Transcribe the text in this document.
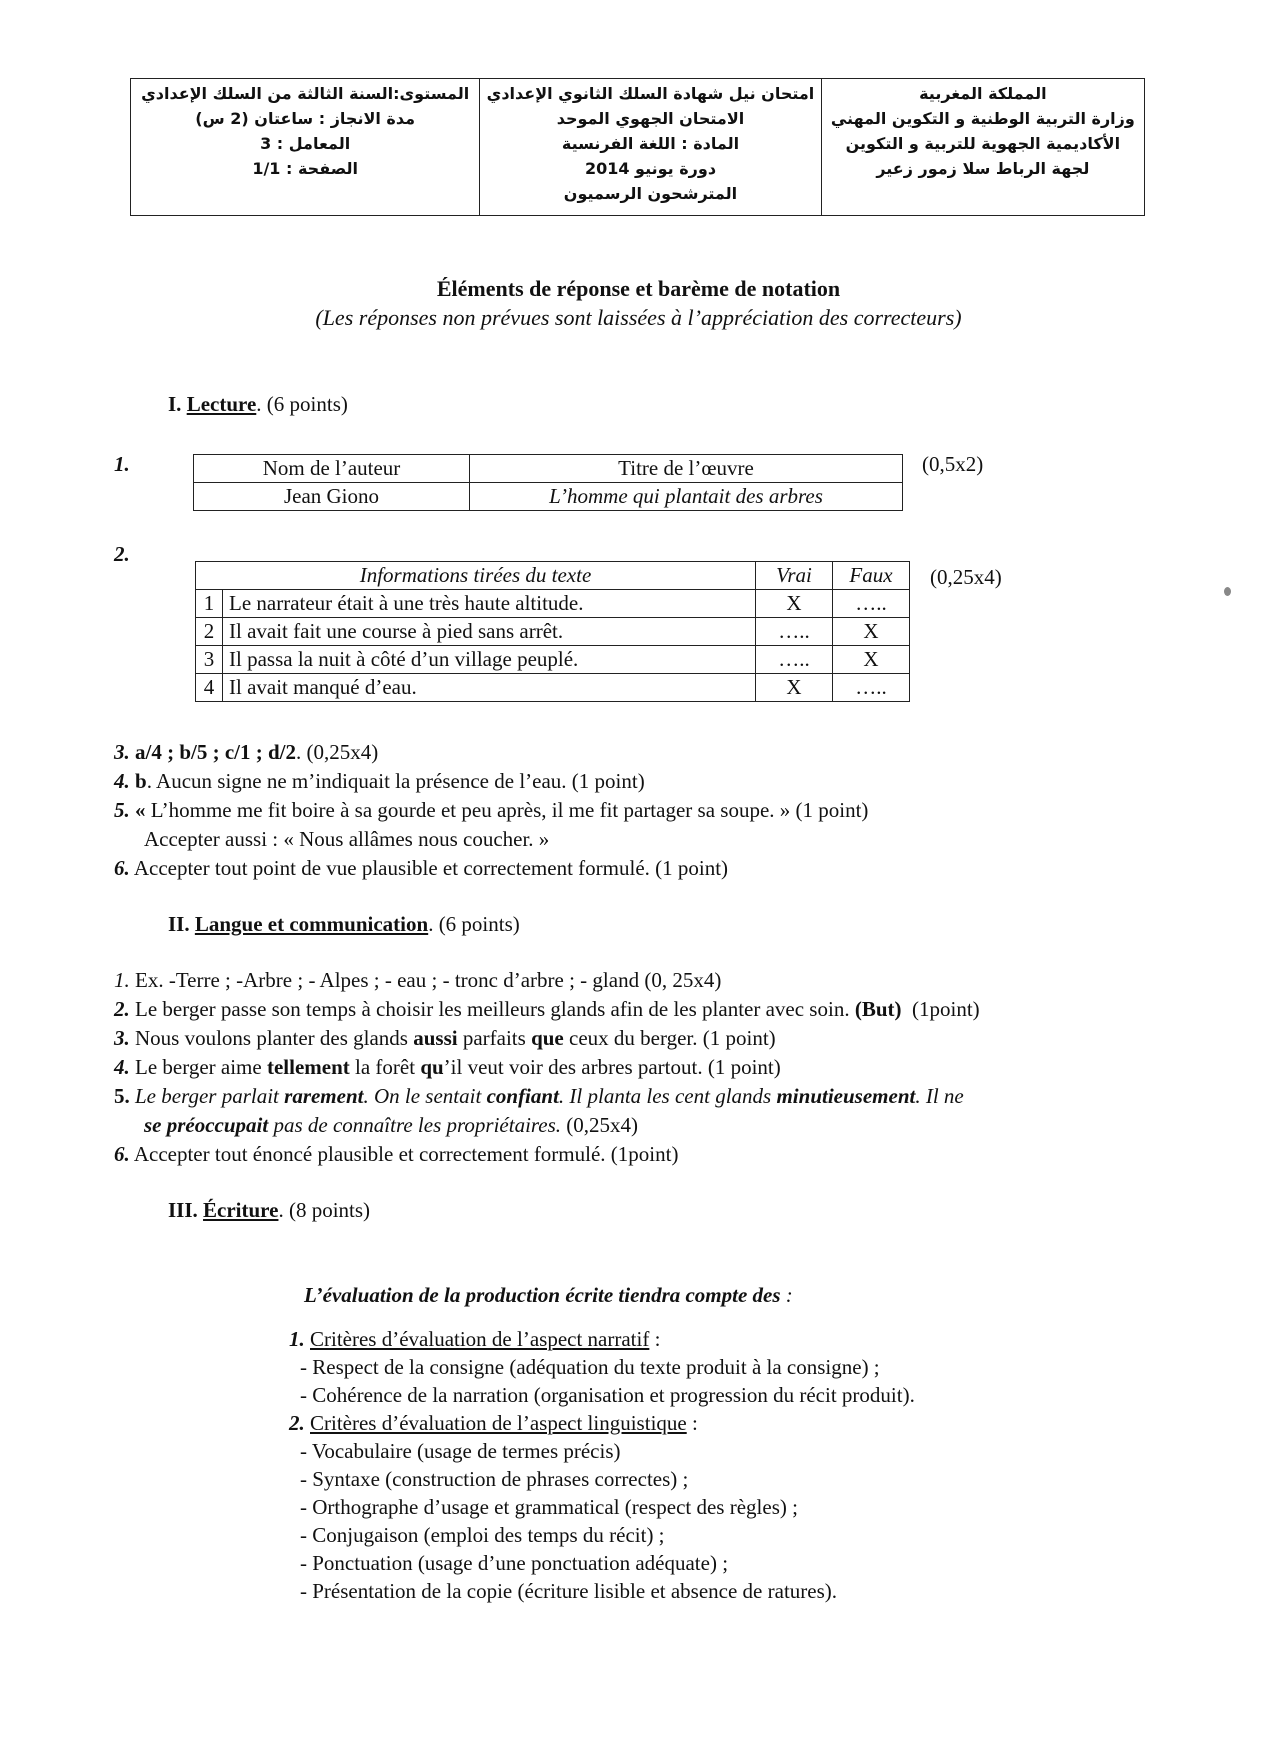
المستوى:السنة الثالثة من السلك الإعدادي
مدة الانجاز : ساعتان (2 س)
المعامل : 3
الصفحة : 1/1
امتحان نيل شهادة السلك الثانوي الإعدادي
الامتحان الجهوي الموحد
المادة : اللغة الفرنسية
دورة يونيو 2014
المترشحون الرسميون
المملكة المغربية
وزارة التربية الوطنية و التكوين المهني
الأكاديمية الجهوية للتربية و التكوين
لجهة الرباط سلا زمور زعير
Éléments de réponse et barème de notation
(Les réponses non prévues sont laissées à l’appréciation des correcteurs)
I. Lecture. (6 points)
1.	Nom de l’auteur	Titre de l’œuvre
Jean Giono	L’homme qui plantait des arbres
(0,5x2)
2.
Informations tirées du texte		Vrai	Faux
1	Le narrateur était à une très haute altitude.	X	…..
2	Il avait fait une course à pied sans arrêt.	…..	X
3	Il passa la nuit à côté d’un village peuplé.	…..	X
4	Il avait manqué d’eau.	X	…..
(0,25x4)
3. a/4 ; b/5 ; c/1 ; d/2. (0,25x4)
4. b. Aucun signe ne m’indiquait la présence de l’eau. (1 point)
5. « L’homme me fit boire à sa gourde et peu après, il me fit partager sa soupe. » (1 point)
Accepter aussi : « Nous allâmes nous coucher. »
6. Accepter tout point de vue plausible et correctement formulé. (1 point)
II. Langue et communication. (6 points)
1. Ex. -Terre ; -Arbre ; - Alpes ; - eau ; - tronc d’arbre ; - gland (0, 25x4)
2. Le berger passe son temps à choisir les meilleurs glands afin de les planter avec soin. (But) (1point)
3. Nous voulons planter des glands aussi parfaits que ceux du berger. (1 point)
4. Le berger aime tellement la forêt qu’il veut voir des arbres partout. (1 point)
5. Le berger parlait rarement. On le sentait confiant. Il planta les cent glands minutieusement. Il ne
se préoccupait pas de connaître les propriétaires. (0,25x4)
6. Accepter tout énoncé plausible et correctement formulé. (1point)
III. Écriture. (8 points)
L’évaluation de la production écrite tiendra compte des :
1. Critères d’évaluation de l’aspect narratif :
- Respect de la consigne (adéquation du texte produit à la consigne) ;
- Cohérence de la narration (organisation et progression du récit produit).
2. Critères d’évaluation de l’aspect linguistique :
- Vocabulaire (usage de termes précis)
- Syntaxe (construction de phrases correctes) ;
- Orthographe d’usage et grammatical (respect des règles) ;
- Conjugaison (emploi des temps du récit) ;
- Ponctuation (usage d’une ponctuation adéquate) ;
- Présentation de la copie (écriture lisible et absence de ratures).
